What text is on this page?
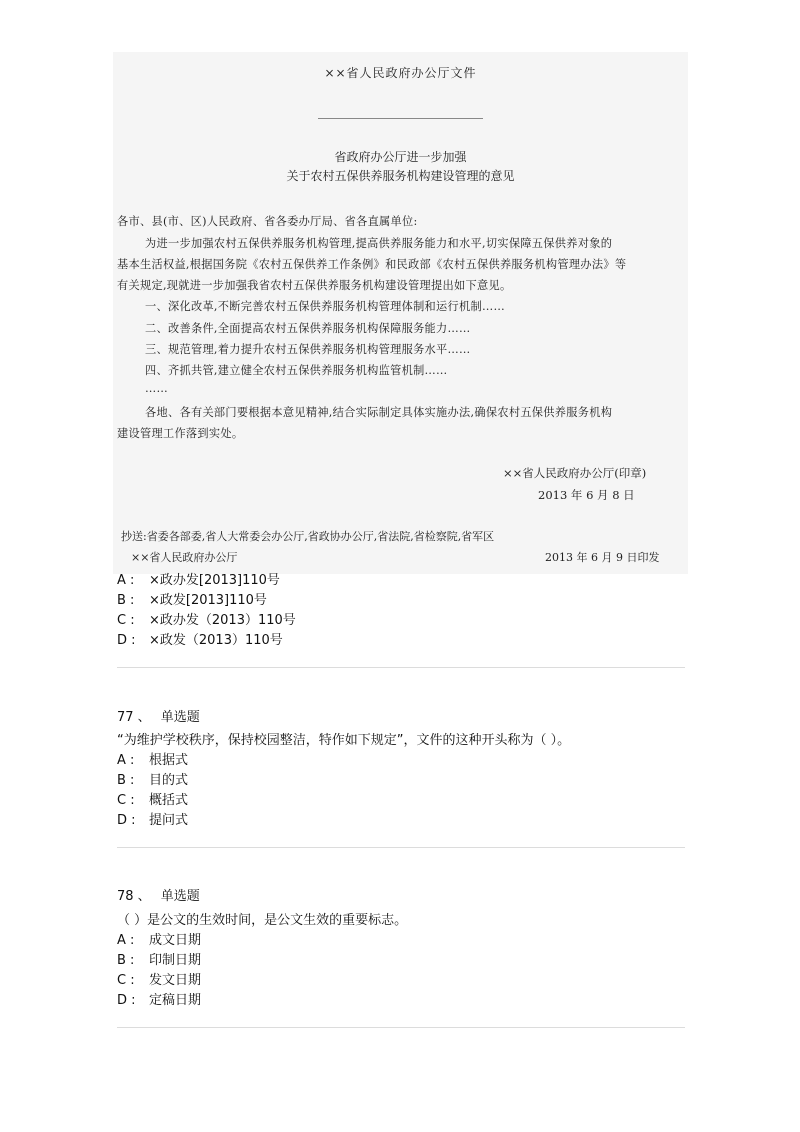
××省人民政府办公厅文件
省政府办公厅进一步加强
关于农村五保供养服务机构建设管理的意见
各市、县(市、区)人民政府、省各委办厅局、省各直属单位:
为进一步加强农村五保供养服务机构管理,提高供养服务能力和水平,切实保障五保供养对象的
基本生活权益,根据国务院《农村五保供养工作条例》和民政部《农村五保供养服务机构管理办法》等
有关规定,现就进一步加强我省农村五保供养服务机构建设管理提出如下意见。
一、深化改革,不断完善农村五保供养服务机构管理体制和运行机制……
二、改善条件,全面提高农村五保供养服务机构保障服务能力……
三、规范管理,着力提升农村五保供养服务机构管理服务水平……
四、齐抓共管,建立健全农村五保供养服务机构监管机制……
……
各地、各有关部门要根据本意见精神,结合实际制定具体实施办法,确保农村五保供养服务机构
建设管理工作落到实处。
××省人民政府办公厅(印章)
2013 年 6 月 8 日
抄送:省委各部委,省人大常委会办公厅,省政协办公厅,省法院,省检察院,省军区
××省人民政府办公厅	2013 年 6 月 9 日印发
A : ×政办发[2013]110号
B : ×政发[2013]110号
C : ×政办发（2013）110号
D : ×政发（2013）110号
77 、 单选题
“为维护学校秩序，保持校园整洁，特作如下规定”，文件的这种开头称为（ ）。
A : 根据式
B : 目的式
C : 概括式
D : 提问式
78 、 单选题
（ ）是公文的生效时间，是公文生效的重要标志。
A : 成文日期
B : 印制日期
C : 发文日期
D : 定稿日期
